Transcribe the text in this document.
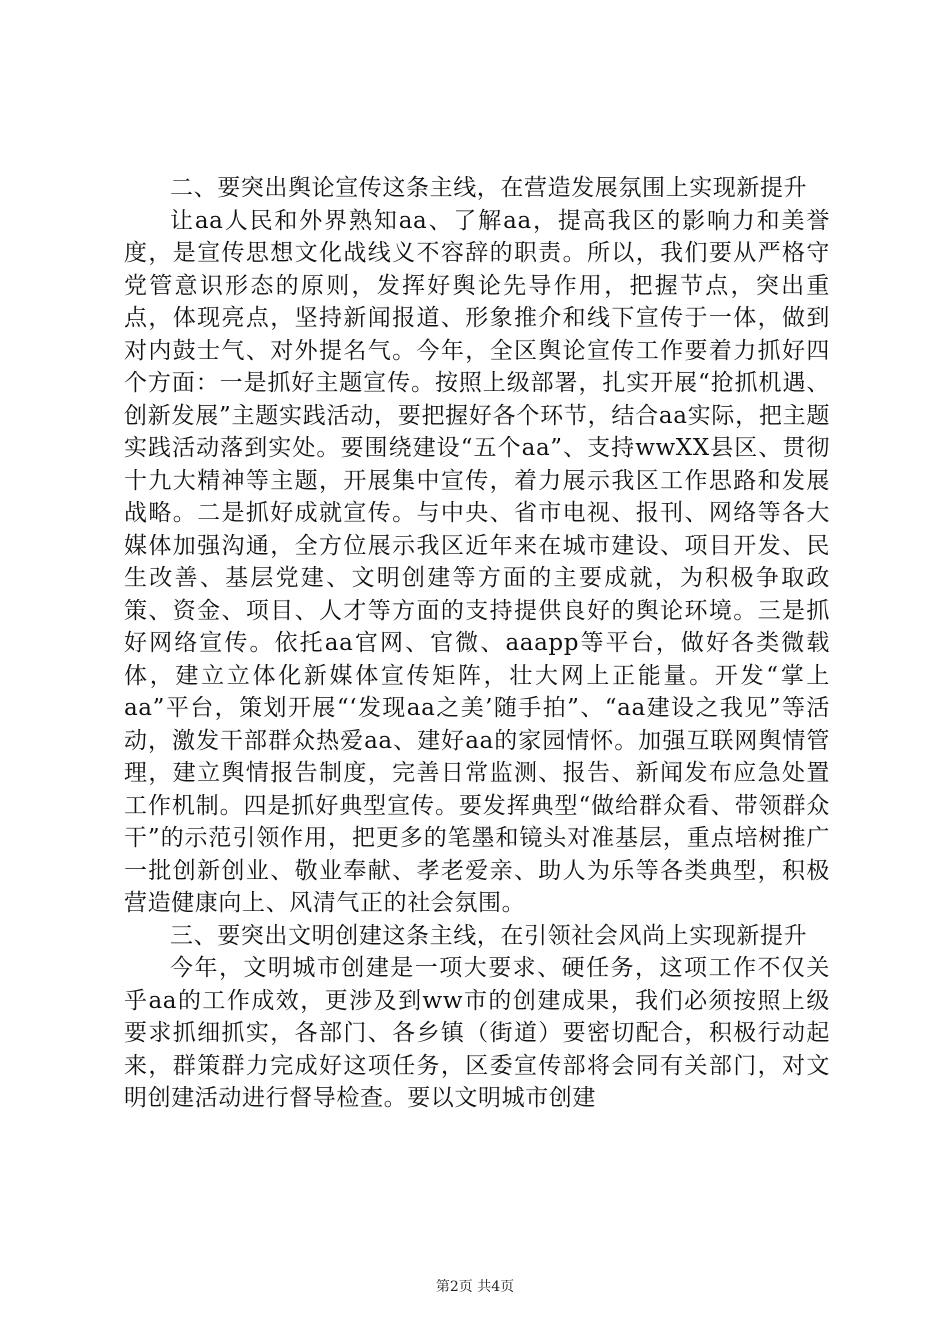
二、要突出舆论宣传这条主线，在营造发展氛围上实现新提升

让aa人民和外界熟知aa、了解aa，提高我区的影响力和美誉度，是宣传思想文化战线义不容辞的职责。所以，我们要从严格守党管意识形态的原则，发挥好舆论先导作用，把握节点，突出重点，体现亮点，坚持新闻报道、形象推介和线下宣传于一体，做到对内鼓士气、对外提名气。今年，全区舆论宣传工作要着力抓好四个方面：一是抓好主题宣传。按照上级部署，扎实开展“抢抓机遇、创新发展”主题实践活动，要把握好各个环节，结合aa实际，把主题实践活动落到实处。要围绕建设“五个aa”、支持wwXX县区、贯彻十九大精神等主题，开展集中宣传，着力展示我区工作思路和发展战略。二是抓好成就宣传。与中央、省市电视、报刊、网络等各大媒体加强沟通，全方位展示我区近年来在城市建设、项目开发、民生改善、基层党建、文明创建等方面的主要成就，为积极争取政策、资金、项目、人才等方面的支持提供良好的舆论环境。三是抓好网络宣传。依托aa官网、官微、aaapp等平台，做好各类微载体，建立立体化新媒体宣传矩阵，壮大网上正能量。开发“掌上aa”平台，策划开展“‘发现aa之美’随手拍”、“aa建设之我见”等活动，激发干部群众热爱aa、建好aa的家园情怀。加强互联网舆情管理，建立舆情报告制度，完善日常监测、报告、新闻发布应急处置工作机制。四是抓好典型宣传。要发挥典型“做给群众看、带领群众干”的示范引领作用，把更多的笔墨和镜头对准基层，重点培树推广一批创新创业、敬业奉献、孝老爱亲、助人为乐等各类典型，积极营造健康向上、风清气正的社会氛围。

三、要突出文明创建这条主线，在引领社会风尚上实现新提升

今年，文明城市创建是一项大要求、硬任务，这项工作不仅关乎aa的工作成效，更涉及到ww市的创建成果，我们必须按照上级要求抓细抓实，各部门、各乡镇（街道）要密切配合，积极行动起来，群策群力完成好这项任务，区委宣传部将会同有关部门，对文明创建活动进行督导检查。要以文明城市创建

第2页 共4页
